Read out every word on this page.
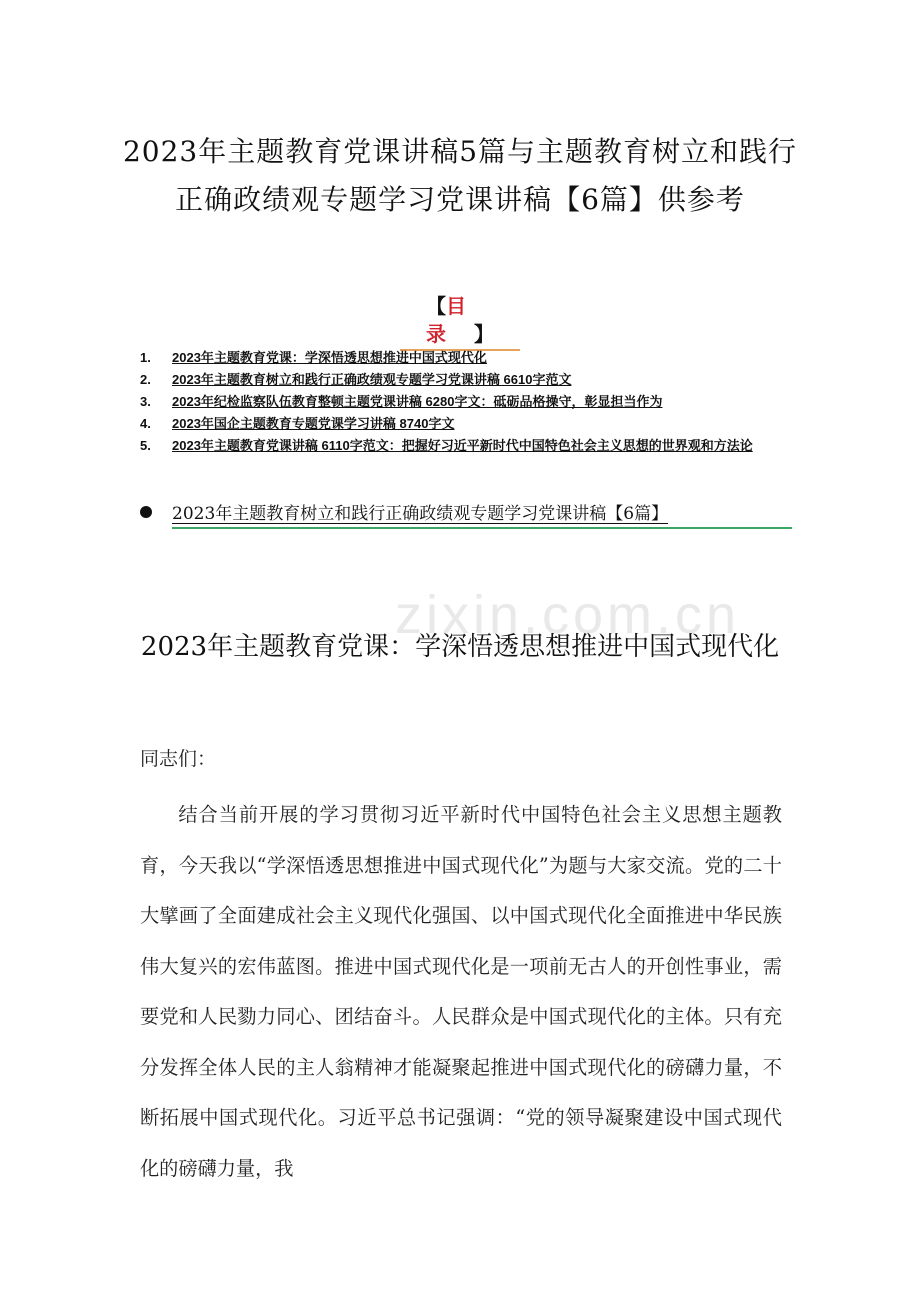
2023年主题教育党课讲稿5篇与主题教育树立和践行
正确政绩观专题学习党课讲稿【6篇】供参考
【目 录】
1.	2023年主题教育党课：学深悟透思想推进中国式现代化
2.	2023年主题教育树立和践行正确政绩观专题学习党课讲稿 6610字范文
3.	2023年纪检监察队伍教育整顿主题党课讲稿 6280字文：砥砺品格操守，彰显担当作为
4.	2023年国企主题教育专题党课学习讲稿 8740字文
5.	2023年主题教育党课讲稿 6110字范文：把握好习近平新时代中国特色社会主义思想的世界观和方法论
2023年主题教育树立和践行正确政绩观专题学习党课讲稿【6篇】
zixin.com.cn
2023年主题教育党课：学深悟透思想推进中国式现代化
同志们：
结合当前开展的学习贯彻习近平新时代中国特色社会主义思想主题教育，今天我以“学深悟透思想推进中国式现代化”为题与大家交流。党的二十大擘画了全面建成社会主义现代化强国、以中国式现代化全面推进中华民族伟大复兴的宏伟蓝图。推进中国式现代化是一项前无古人的开创性事业，需要党和人民勠力同心、团结奋斗。人民群众是中国式现代化的主体。只有充分发挥全体人民的主人翁精神才能凝聚起推进中国式现代化的磅礴力量，不断拓展中国式现代化。习近平总书记强调：“党的领导凝聚建设中国式现代化的磅礴力量，我
